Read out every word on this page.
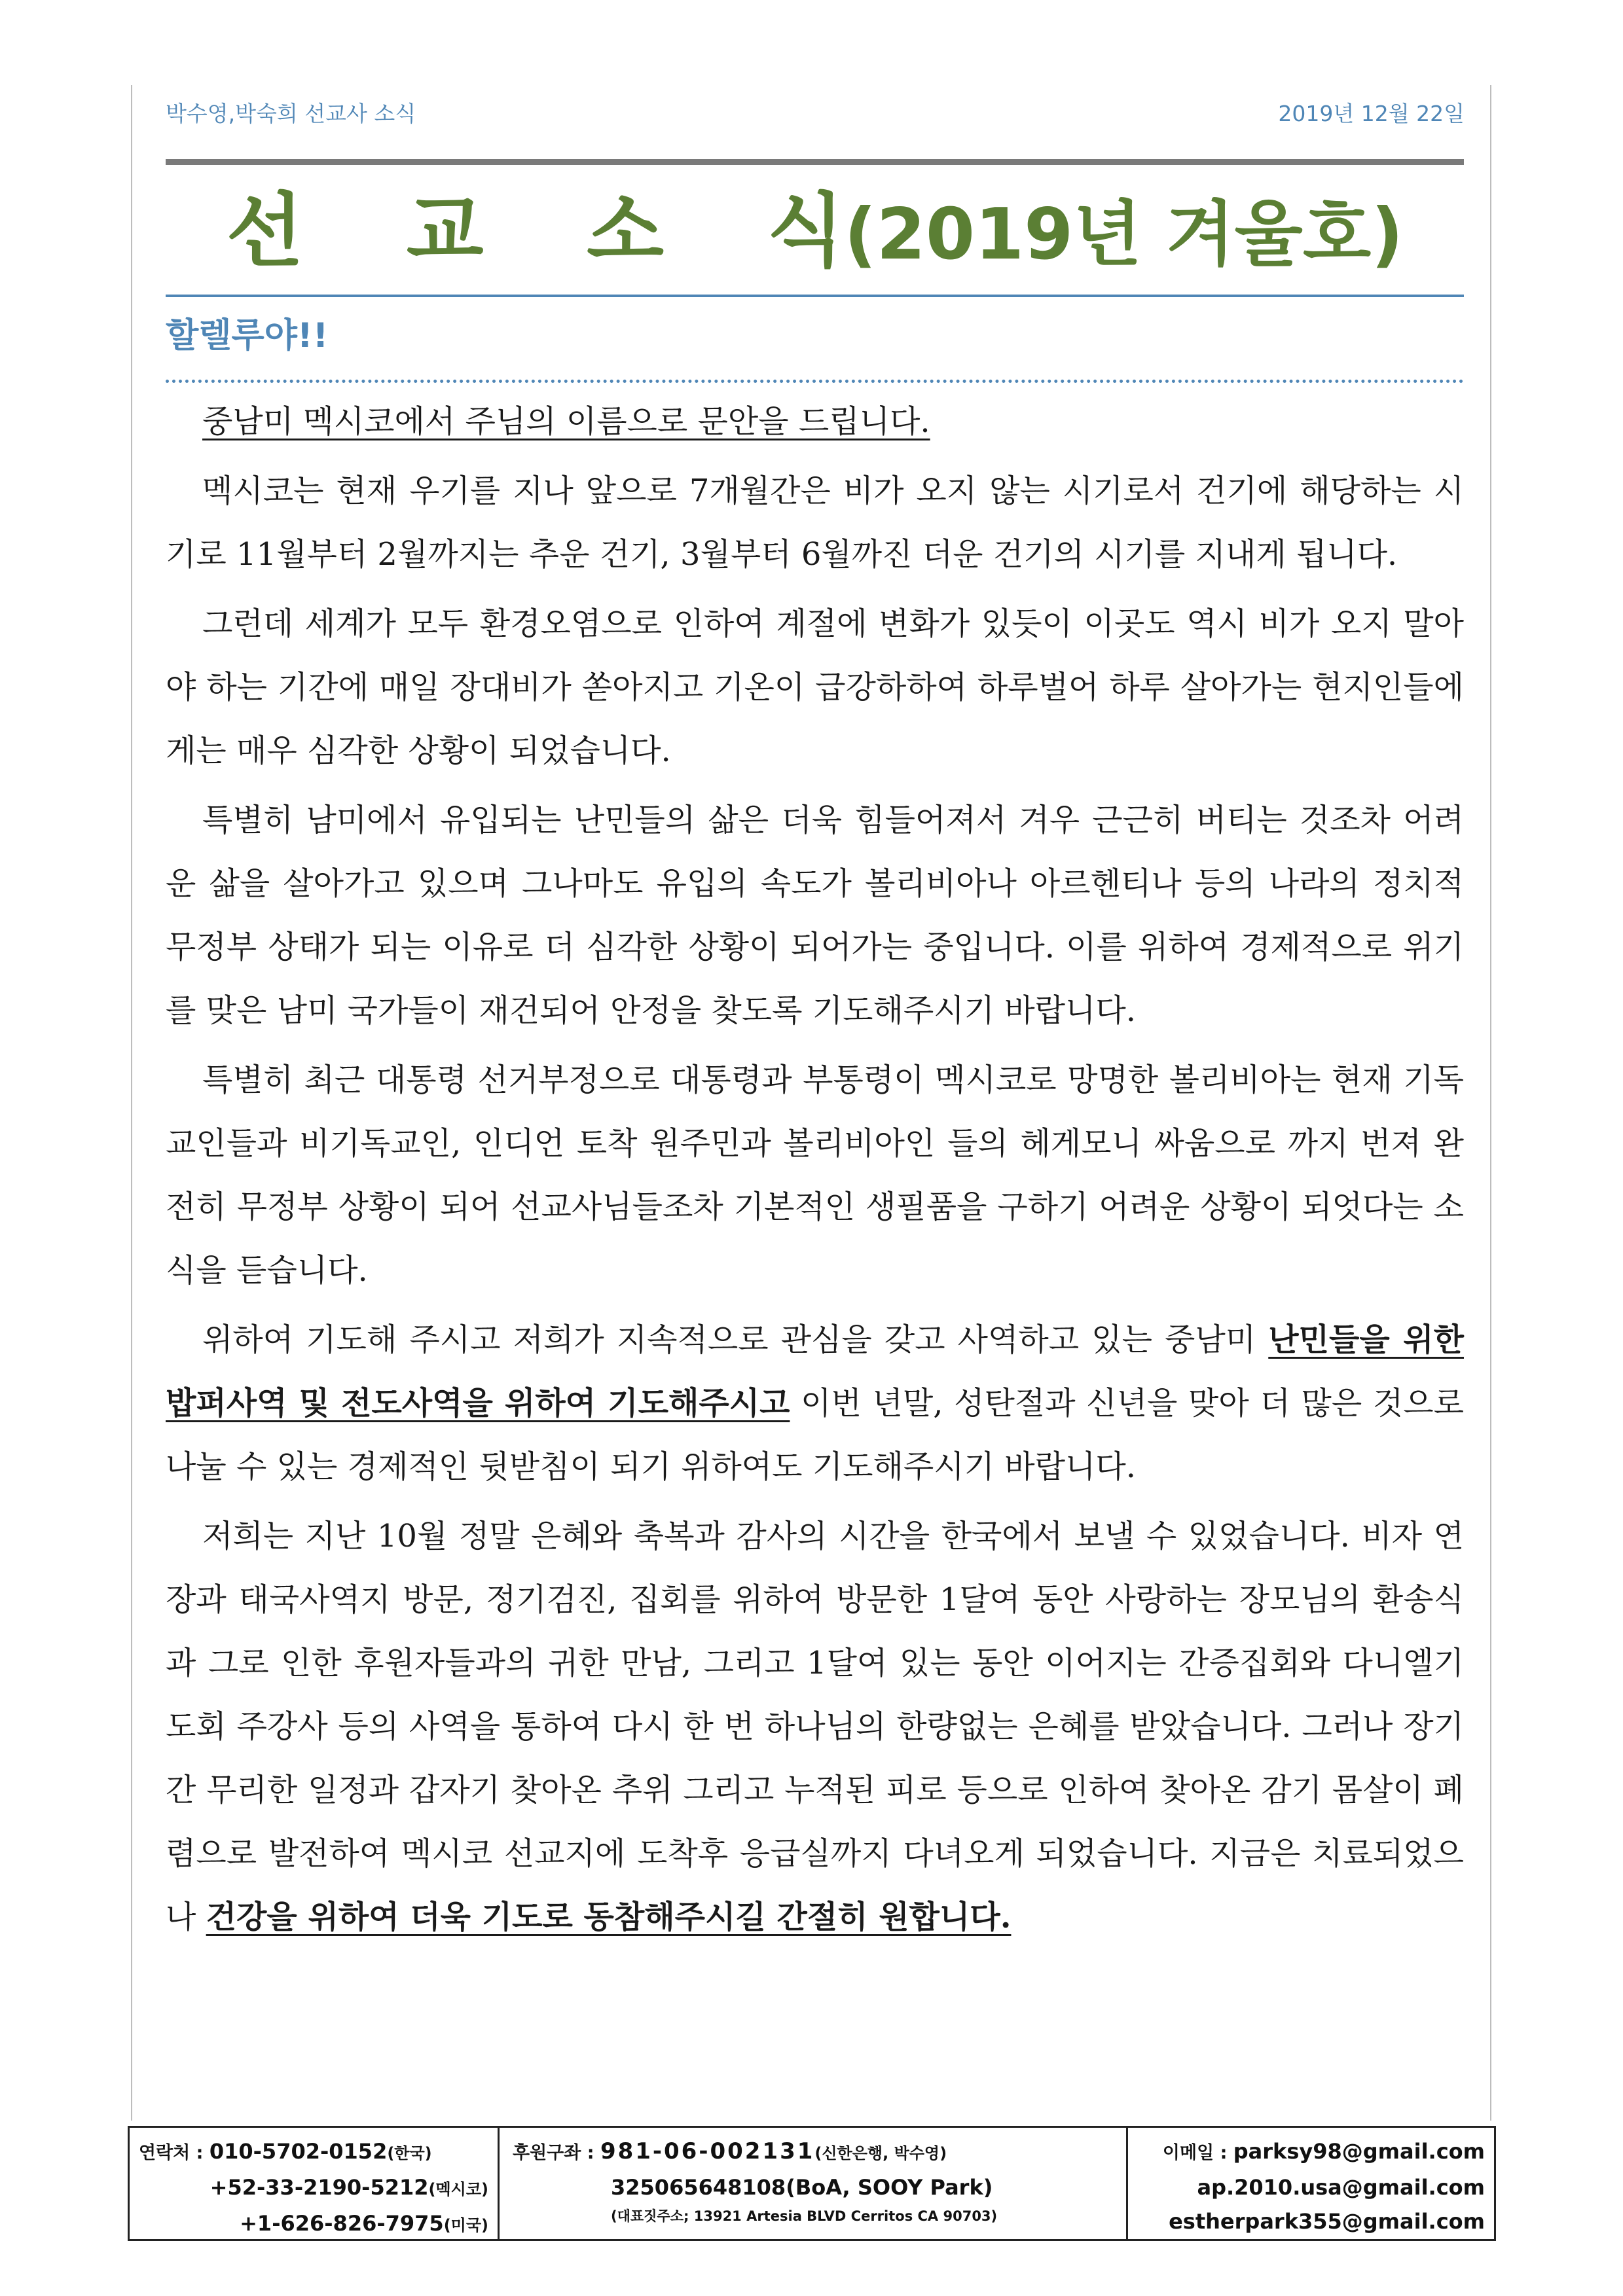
박수영,박숙희 선교사 소식	2019년 12월 22일
선 교 소 식(2019년 겨울호)
할렐루야!!

중남미 멕시코에서 주님의 이름으로 문안을 드립니다.

멕시코는 현재 우기를 지나 앞으로 7개월간은 비가 오지 않는 시기로서 건기에 해당하는 시기로 11월부터 2월까지는 추운 건기, 3월부터 6월까진 더운 건기의 시기를 지내게 됩니다.

그런데 세계가 모두 환경오염으로 인하여 계절에 변화가 있듯이 이곳도 역시 비가 오지 말아야 하는 기간에 매일 장대비가 쏟아지고 기온이 급강하하여 하루벌어 하루 살아가는 현지인들에게는 매우 심각한 상황이 되었습니다.

특별히 남미에서 유입되는 난민들의 삶은 더욱 힘들어져서 겨우 근근히 버티는 것조차 어려운 삶을 살아가고 있으며 그나마도 유입의 속도가 볼리비아나 아르헨티나 등의 나라의 정치적 무정부 상태가 되는 이유로 더 심각한 상황이 되어가는 중입니다. 이를 위하여 경제적으로 위기를 맞은 남미 국가들이 재건되어 안정을 찾도록 기도해주시기 바랍니다.

특별히 최근 대통령 선거부정으로 대통령과 부통령이 멕시코로 망명한 볼리비아는 현재 기독교인들과 비기독교인, 인디언 토착 원주민과 볼리비아인 들의 헤게모니 싸움으로 까지 번져 완전히 무정부 상황이 되어 선교사님들조차 기본적인 생필품을 구하기 어려운 상황이 되엇다는 소식을 듣습니다.

위하여 기도해 주시고 저희가 지속적으로 관심을 갖고 사역하고 있는 중남미 난민들을 위한 밥퍼사역 및 전도사역을 위하여 기도해주시고 이번 년말, 성탄절과 신년을 맞아 더 많은 것으로 나눌 수 있는 경제적인 뒷받침이 되기 위하여도 기도해주시기 바랍니다.

저희는 지난 10월 정말 은혜와 축복과 감사의 시간을 한국에서 보낼 수 있었습니다. 비자 연장과 태국사역지 방문, 정기검진, 집회를 위하여 방문한 1달여 동안 사랑하는 장모님의 환송식과 그로 인한 후원자들과의 귀한 만남, 그리고 1달여 있는 동안 이어지는 간증집회와 다니엘기도회 주강사 등의 사역을 통하여 다시 한 번 하나님의 한량없는 은혜를 받았습니다. 그러나 장기간 무리한 일정과 갑자기 찾아온 추위 그리고 누적된 피로 등으로 인하여 찾아온 감기 몸살이 폐렴으로 발전하여 멕시코 선교지에 도착후 응급실까지 다녀오게 되었습니다. 지금은 치료되었으나 건강을 위하여 더욱 기도로 동참해주시길 간절히 원합니다.

연락처 : 010-5702-0152(한국)
+52-33-2190-5212(멕시코)
+1-626-826-7975(미국)
후원구좌 : 981-06-002131(신한은행, 박수영)
325065648108(BoA, SOOY Park)
(대표짓주소; 13921 Artesia BLVD Cerritos CA 90703)
이메일 : parksy98@gmail.com
ap.2010.usa@gmail.com
estherpark355@gmail.com
